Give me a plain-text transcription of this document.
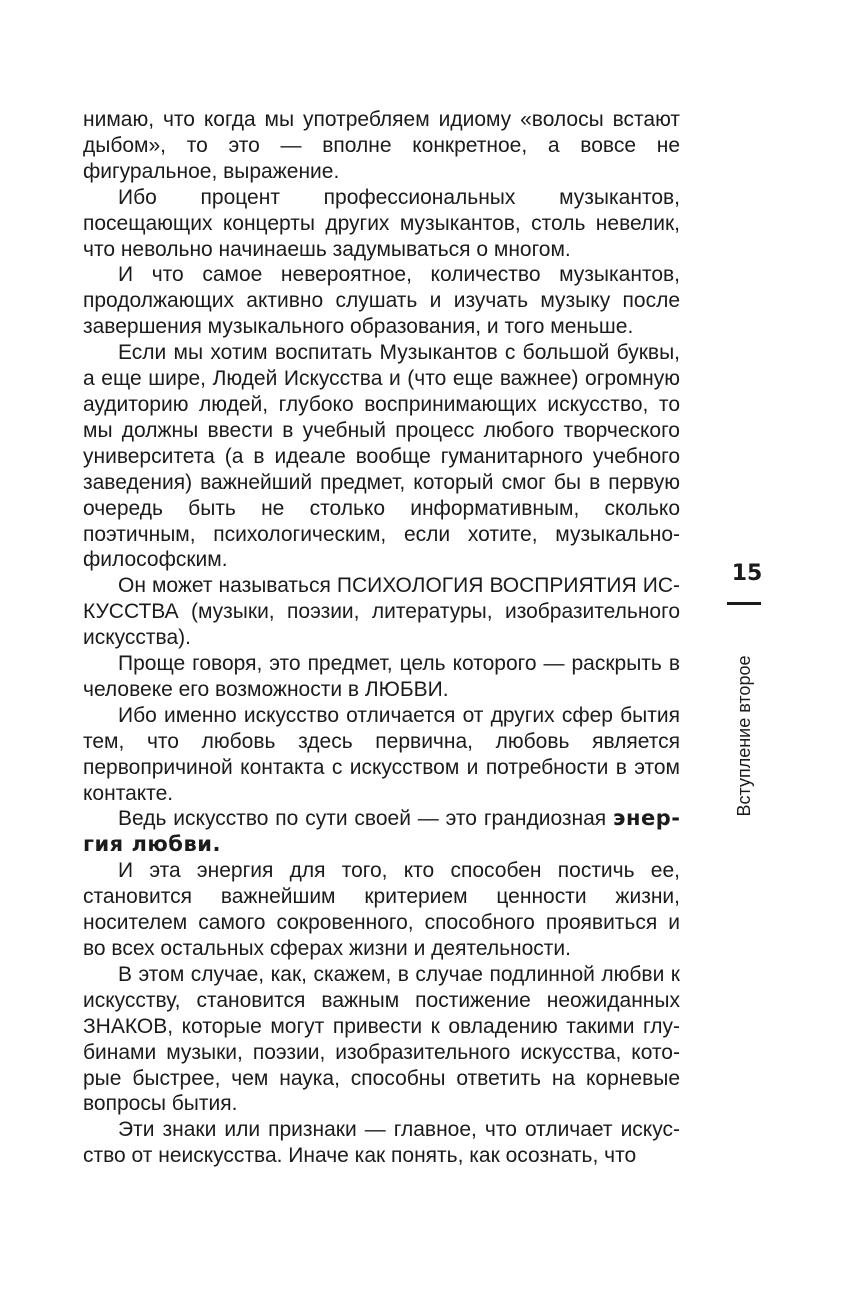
нимаю, что когда мы употребляем идиому «волосы встают дыбом», то это — вполне конкретное, а вовсе не фигуральное, выражение.

Ибо процент профессиональных музыкантов, посещающих концерты других музыкантов, столь невелик, что невольно начинаешь задумываться о многом.

И что самое невероятное, количество музыкантов, продолжающих активно слушать и изучать музыку после завершения музыкального образования, и того меньше.

Если мы хотим воспитать Музыкантов с большой буквы, а еще шире, Людей Искусства и (что еще важнее) огромную аудиторию людей, глубоко воспринимающих искусство, то мы должны ввести в учебный процесс любого творческого университета (а в идеале вообще гуманитарного учебного заведения) важнейший предмет, который смог бы в первую очередь быть не столько информативным, сколько поэтичным, психологическим, если хотите, музыкально-философским.

Он может называться ПСИХОЛОГИЯ ВОСПРИЯТИЯ ИСКУССТВА (музыки, поэзии, литературы, изобразительного искусства).

Проще говоря, это предмет, цель которого — раскрыть в человеке его возможности в ЛЮБВИ.

Ибо именно искусство отличается от других сфер бытия тем, что любовь здесь первична, любовь является первопричиной контакта с искусством и потребности в этом контакте.

Ведь искусство по сути своей — это грандиозная энергия любви.

И эта энергия для того, кто способен постичь ее, становится важнейшим критерием ценности жизни, носителем самого сокровенного, способного проявиться и во всех остальных сферах жизни и деятельности.

В этом случае, как, скажем, в случае подлинной любви к искусству, становится важным постижение неожиданных ЗНАКОВ, которые могут привести к овладению такими глубинами музыки, поэзии, изобразительного искусства, которые быстрее, чем наука, способны ответить на корневые вопросы бытия.

Эти знаки или признаки — главное, что отличает искусство от неискусства. Иначе как понять, как осознать, что

15
Вступление второе
